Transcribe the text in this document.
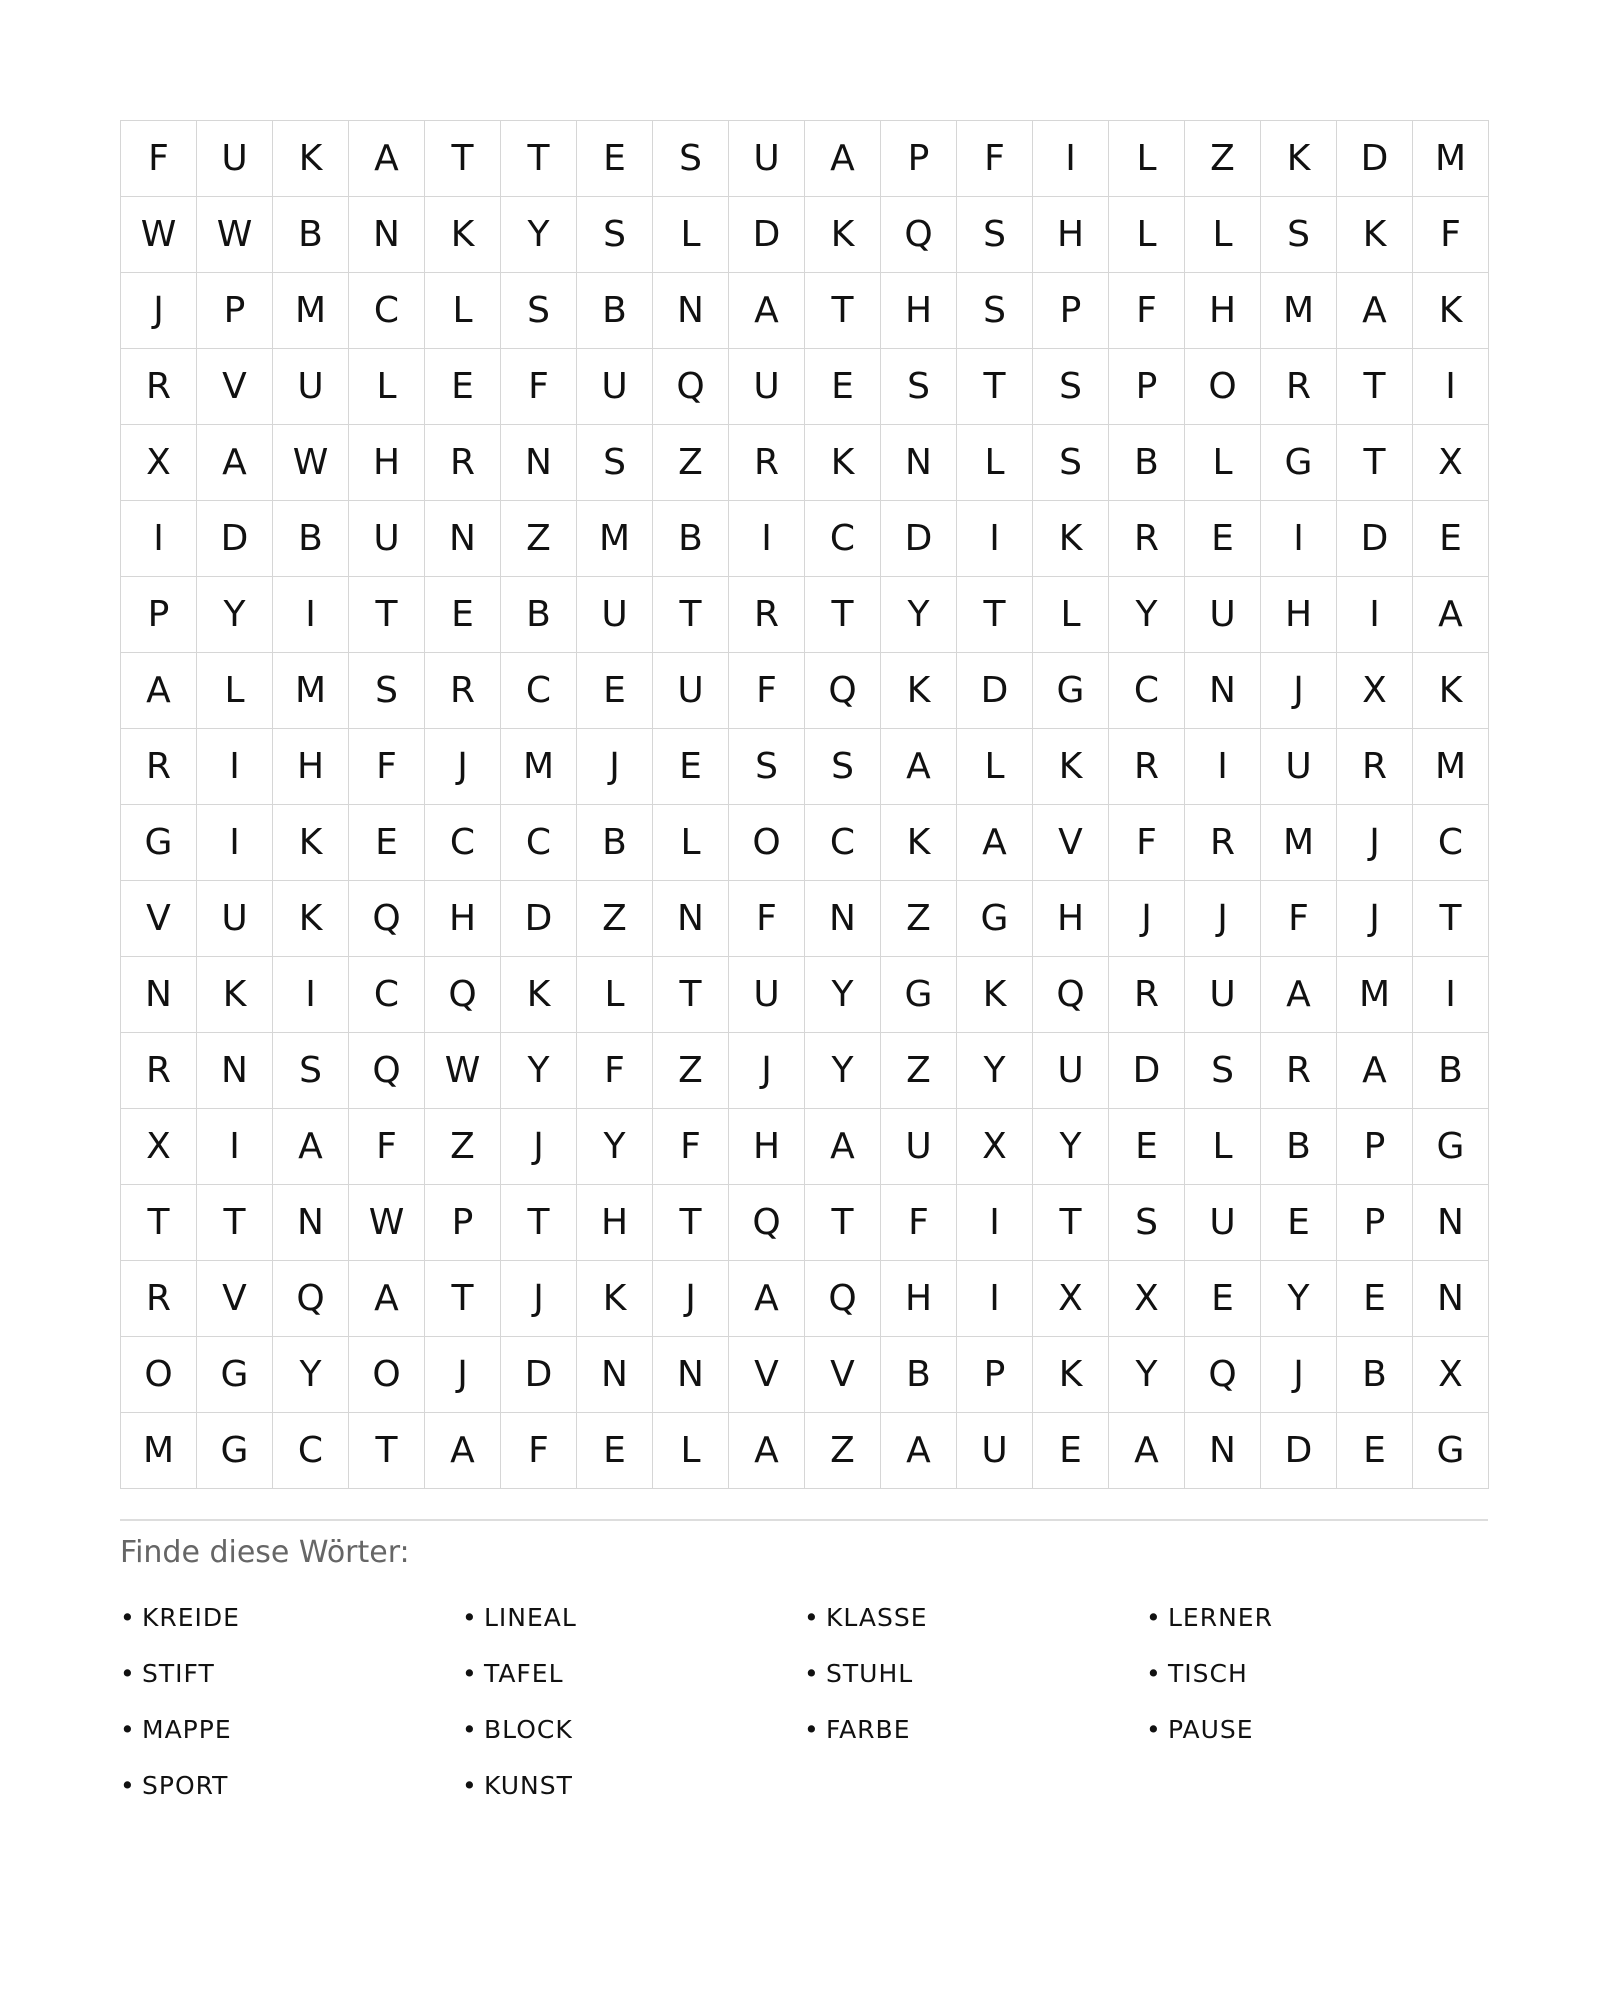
F	U	K	A	T	T	E	S	U	A	P	F	I	L	Z	K	D	M
W	W	B	N	K	Y	S	L	D	K	Q	S	H	L	L	S	K	F
J	P	M	C	L	S	B	N	A	T	H	S	P	F	H	M	A	K
R	V	U	L	E	F	U	Q	U	E	S	T	S	P	O	R	T	I
X	A	W	H	R	N	S	Z	R	K	N	L	S	B	L	G	T	X
I	D	B	U	N	Z	M	B	I	C	D	I	K	R	E	I	D	E
P	Y	I	T	E	B	U	T	R	T	Y	T	L	Y	U	H	I	A
A	L	M	S	R	C	E	U	F	Q	K	D	G	C	N	J	X	K
R	I	H	F	J	M	J	E	S	S	A	L	K	R	I	U	R	M
G	I	K	E	C	C	B	L	O	C	K	A	V	F	R	M	J	C
V	U	K	Q	H	D	Z	N	F	N	Z	G	H	J	J	F	J	T
N	K	I	C	Q	K	L	T	U	Y	G	K	Q	R	U	A	M	I
R	N	S	Q	W	Y	F	Z	J	Y	Z	Y	U	D	S	R	A	B
X	I	A	F	Z	J	Y	F	H	A	U	X	Y	E	L	B	P	G
T	T	N	W	P	T	H	T	Q	T	F	I	T	S	U	E	P	N
R	V	Q	A	T	J	K	J	A	Q	H	I	X	X	E	Y	E	N
O	G	Y	O	J	D	N	N	V	V	B	P	K	Y	Q	J	B	X
M	G	C	T	A	F	E	L	A	Z	A	U	E	A	N	D	E	G
Finde diese Wörter:
• KREIDE	• LINEAL	• KLASSE	• LERNER
• STIFT	• TAFEL	• STUHL	• TISCH
• MAPPE	• BLOCK	• FARBE	• PAUSE
• SPORT	• KUNST
